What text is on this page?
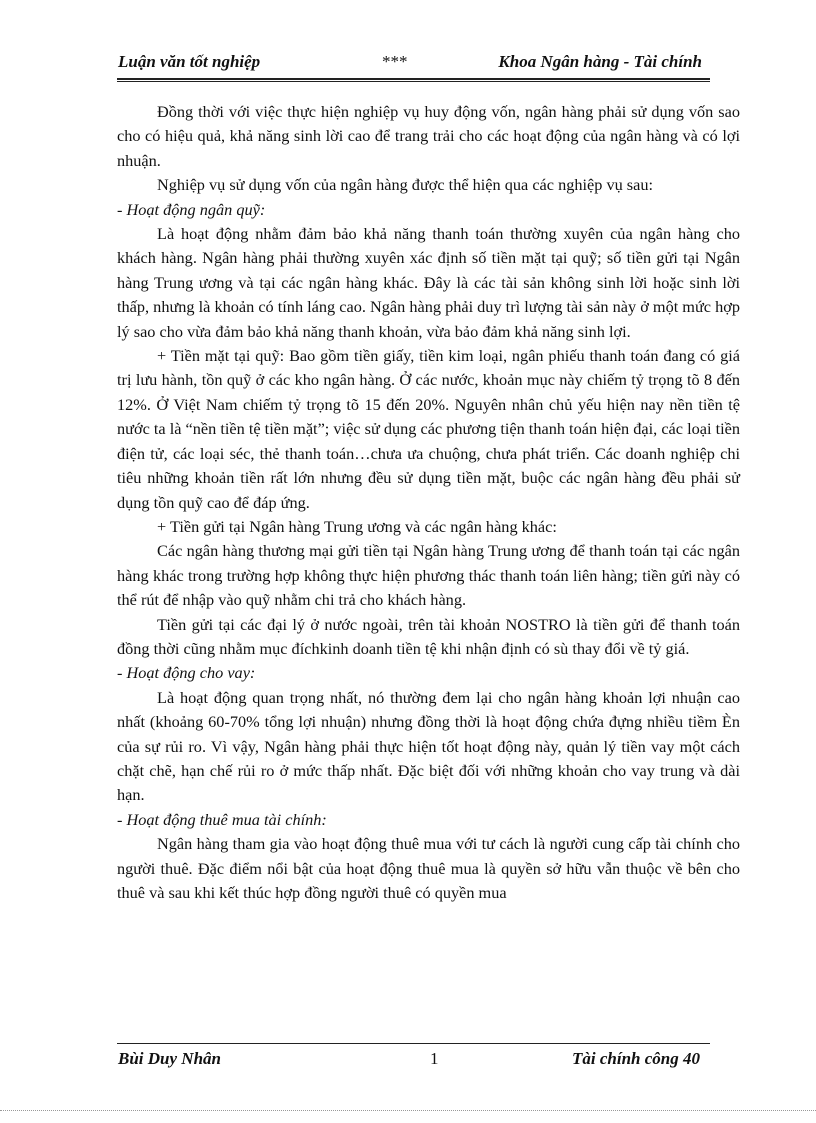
Luận văn tốt nghiệp	***	Khoa Ngân hàng - Tài chính

Đồng thời với việc thực hiện nghiệp vụ huy động vốn, ngân hàng phải sử dụng vốn sao cho có hiệu quả, khả năng sinh lời cao để trang trải cho các hoạt động của ngân hàng và có lợi nhuận.

Nghiệp vụ sử dụng vốn của ngân hàng được thể hiện qua các nghiệp vụ sau:

- Hoạt động ngân quỹ:

Là hoạt động nhằm đảm bảo khả năng thanh toán thường xuyên của ngân hàng cho khách hàng. Ngân hàng phải thường xuyên xác định số tiền mặt tại quỹ; số tiền gửi tại Ngân hàng Trung ương và tại các ngân hàng khác. Đây là các tài sản không sinh lời hoặc sinh lời thấp, nhưng là khoản có tính láng cao. Ngân hàng phải duy trì lượng tài sản này ở một mức hợp lý sao cho vừa đảm bảo khả năng thanh khoản, vừa bảo đảm khả năng sinh lợi.

+ Tiền mặt tại quỹ: Bao gồm tiền giấy, tiền kim loại, ngân phiếu thanh toán đang có giá trị lưu hành, tồn quỹ ở các kho ngân hàng. Ở các nước, khoản mục này chiếm tỷ trọng tõ 8 đến 12%. Ở Việt Nam chiếm tỷ trọng tõ 15 đến 20%. Nguyên nhân chủ yếu hiện nay nền tiền tệ nước ta là “nền tiền tệ tiền mặt”; việc sử dụng các phương tiện thanh toán hiện đại, các loại tiền điện tử, các loại séc, thẻ thanh toán…chưa ưa chuộng, chưa phát triển. Các doanh nghiệp chi tiêu những khoản tiền rất lớn nhưng đều sử dụng tiền mặt, buộc các ngân hàng đều phải sử dụng tồn quỹ cao để đáp ứng.

+ Tiền gửi tại Ngân hàng Trung ương và các ngân hàng khác:

Các ngân hàng thương mại gửi tiền tại Ngân hàng Trung ương để thanh toán tại các ngân hàng khác trong trường hợp không thực hiện phương thác thanh toán liên hàng; tiền gửi này có thể rút để nhập vào quỹ nhằm chi trả cho khách hàng.

Tiền gửi tại các đại lý ở nước ngoài, trên tài khoản NOSTRO là tiền gửi để thanh toán đồng thời cũng nhằm mục đíchkinh doanh tiền tệ khi nhận định có sù thay đổi về tỷ giá.

- Hoạt động cho vay:

Là hoạt động quan trọng nhất, nó thường đem lại cho ngân hàng khoản lợi nhuận cao nhất (khoảng 60-70% tổng lợi nhuận) nhưng đồng thời là hoạt động chứa đựng nhiều tiềm Èn của sự rủi ro. Vì vậy, Ngân hàng phải thực hiện tốt hoạt động này, quản lý tiền vay một cách chặt chẽ, hạn chế rủi ro ở mức thấp nhất. Đặc biệt đối với những khoản cho vay trung và dài hạn.

- Hoạt động thuê mua tài chính:

Ngân hàng tham gia vào hoạt động thuê mua với tư cách là người cung cấp tài chính cho người thuê. Đặc điểm nổi bật của hoạt động thuê mua là quyền sở hữu vẫn thuộc về bên cho thuê và sau khi kết thúc hợp đồng người thuê có quyền mua

Bùi Duy Nhân	1	Tài chính công 40
